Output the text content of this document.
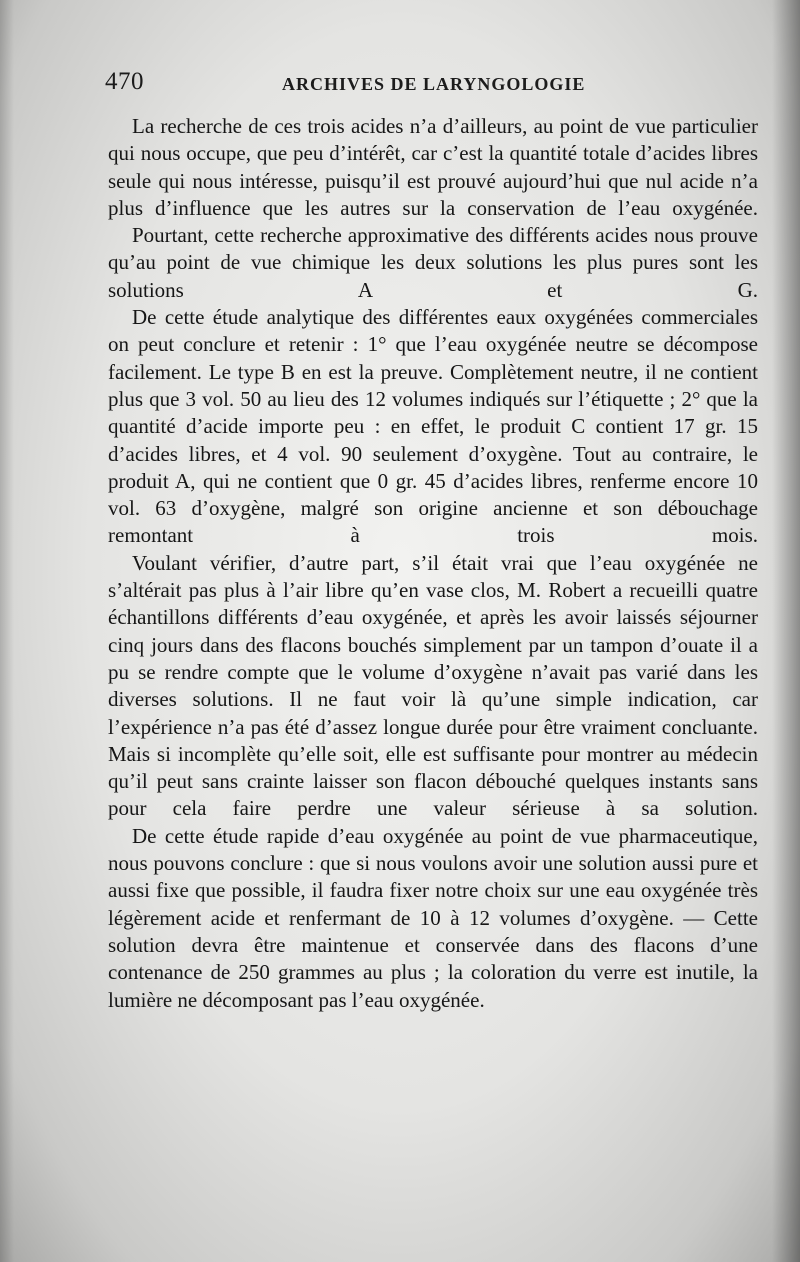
470	ARCHIVES DE LARYNGOLOGIE

La recherche de ces trois acides n’a d’ailleurs, au point de vue particulier qui nous occupe, que peu d’intérêt, car c’est la quantité totale d’acides libres seule qui nous intéresse, puisqu’il est prouvé aujourd’hui que nul acide n’a plus d’influence que les autres sur la conservation de l’eau oxygénée.

Pourtant, cette recherche approximative des différents acides nous prouve qu’au point de vue chimique les deux solutions les plus pures sont les solutions A et G.

De cette étude analytique des différentes eaux oxygénées commerciales on peut conclure et retenir : 1° que l’eau oxygénée neutre se décompose facilement. Le type B en est la preuve. Complètement neutre, il ne contient plus que 3 vol. 50 au lieu des 12 volumes indiqués sur l’étiquette ; 2° que la quantité d’acide importe peu : en effet, le produit C contient 17 gr. 15 d’acides libres, et 4 vol. 90 seulement d’oxygène. Tout au contraire, le produit A, qui ne contient que 0 gr. 45 d’acides libres, renferme encore 10 vol. 63 d’oxygène, malgré son origine ancienne et son débouchage remontant à trois mois.

Voulant vérifier, d’autre part, s’il était vrai que l’eau oxygénée ne s’altérait pas plus à l’air libre qu’en vase clos, M. Robert a recueilli quatre échantillons différents d’eau oxygénée, et après les avoir laissés séjourner cinq jours dans des flacons bouchés simplement par un tampon d’ouate il a pu se rendre compte que le volume d’oxygène n’avait pas varié dans les diverses solutions. Il ne faut voir là qu’une simple indication, car l’expérience n’a pas été d’assez longue durée pour être vraiment concluante. Mais si incomplète qu’elle soit, elle est suffisante pour montrer au médecin qu’il peut sans crainte laisser son flacon débouché quelques instants sans pour cela faire perdre une valeur sérieuse à sa solution.

De cette étude rapide d’eau oxygénée au point de vue pharmaceutique, nous pouvons conclure : que si nous voulons avoir une solution aussi pure et aussi fixe que possible, il faudra fixer notre choix sur une eau oxygénée très légèrement acide et renfermant de 10 à 12 volumes d’oxygène. — Cette solution devra être maintenue et conservée dans des flacons d’une contenance de 250 grammes au plus ; la coloration du verre est inutile, la lumière ne décomposant pas l’eau oxygénée.
